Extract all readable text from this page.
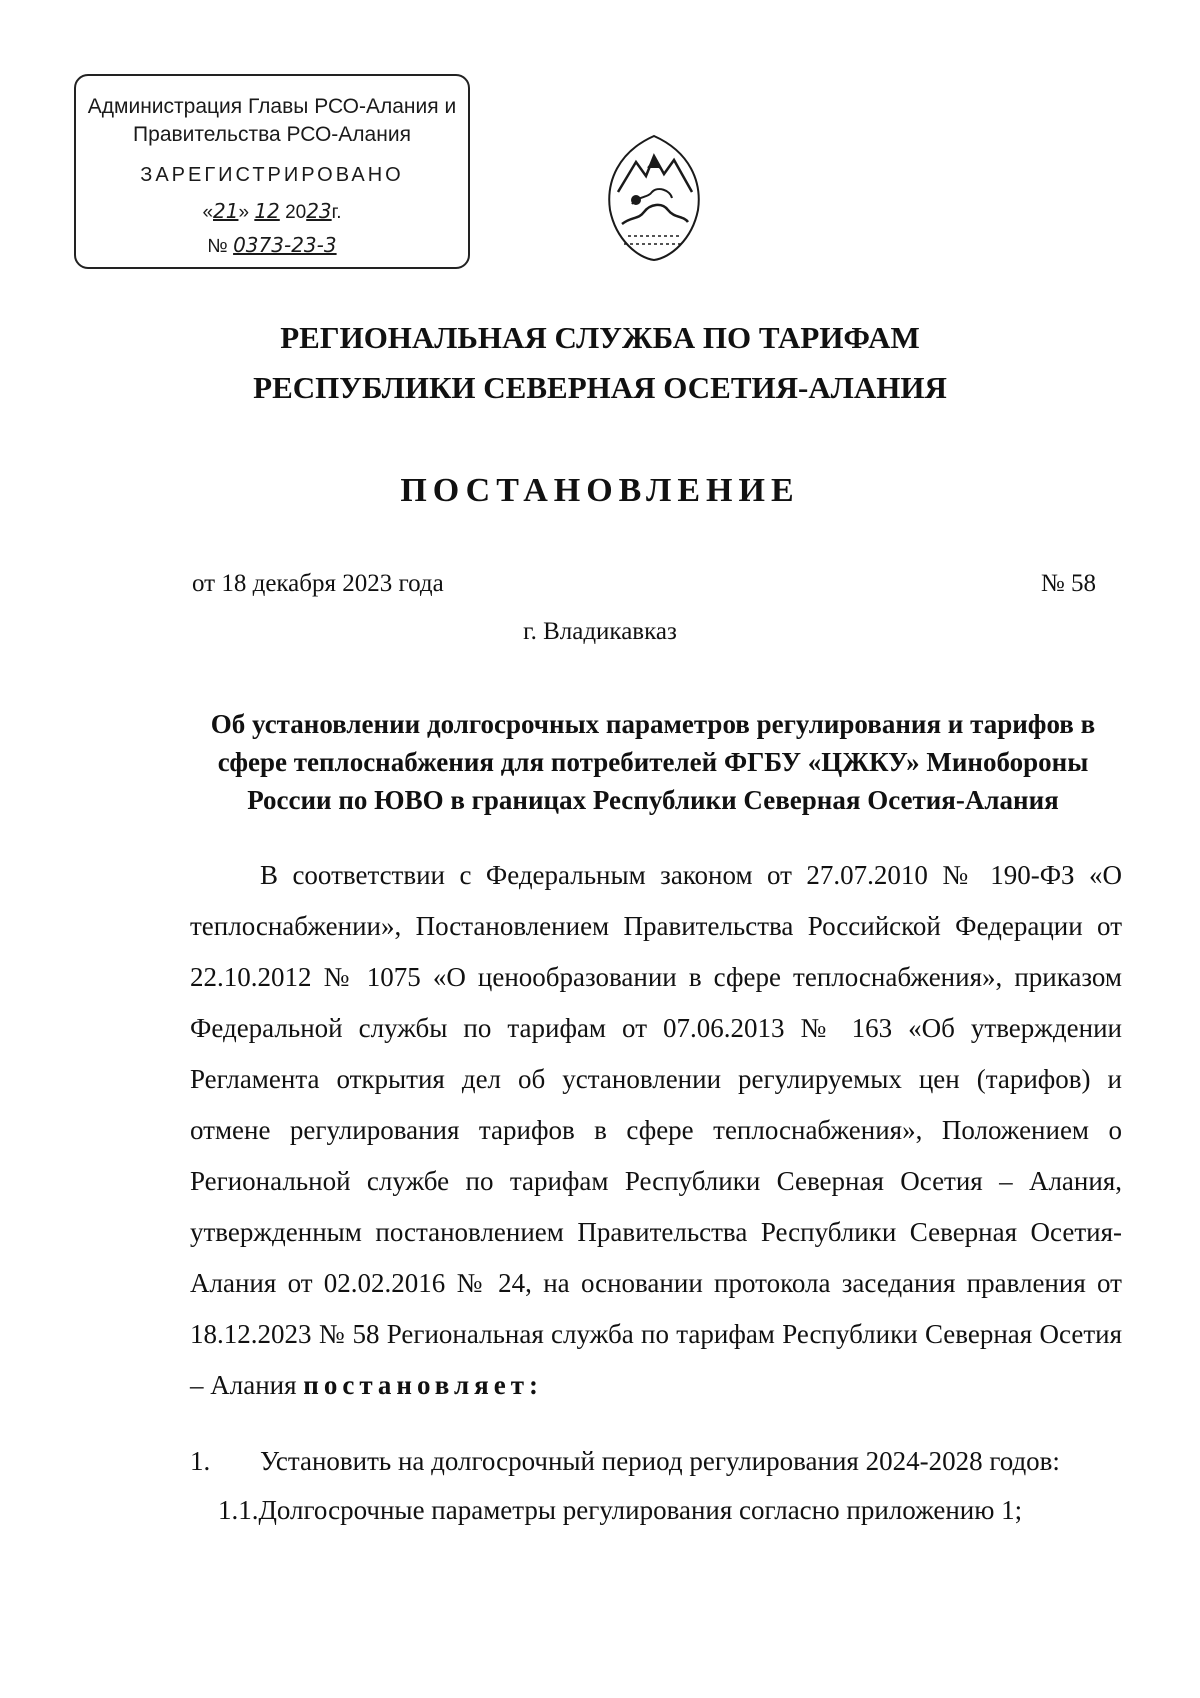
Администрация Главы РСО-Алания и
Правительства РСО-Алания
ЗАРЕГИСТРИРОВАНО
«21» 12 2023г.
№ 0373-23-3
РЕГИОНАЛЬНАЯ СЛУЖБА ПО ТАРИФАМ
РЕСПУБЛИКИ СЕВЕРНАЯ ОСЕТИЯ-АЛАНИЯ
ПОСТАНОВЛЕНИЕ
от 18 декабря 2023 года	№ 58
г. Владикавказ
Об установлении долгосрочных параметров регулирования и тарифов в сфере теплоснабжения для потребителей ФГБУ «ЦЖКУ» Минобороны России по ЮВО в границах Республики Северная Осетия-Алания
В соответствии с Федеральным законом от 27.07.2010 № 190-ФЗ «О теплоснабжении», Постановлением Правительства Российской Федерации от 22.10.2012 № 1075 «О ценообразовании в сфере теплоснабжения», приказом Федеральной службы по тарифам от 07.06.2013 № 163 «Об утверждении Регламента открытия дел об установлении регулируемых цен (тарифов) и отмене регулирования тарифов в сфере теплоснабжения», Положением о Региональной службе по тарифам Республики Северная Осетия – Алания, утвержденным постановлением Правительства Республики Северная Осетия-Алания от 02.02.2016 № 24, на основании протокола заседания правления от 18.12.2023 № 58 Региональная служба по тарифам Республики Северная Осетия – Алания постановляет:
1. Установить на долгосрочный период регулирования 2024-2028 годов:
1.1.Долгосрочные параметры регулирования согласно приложению 1;
